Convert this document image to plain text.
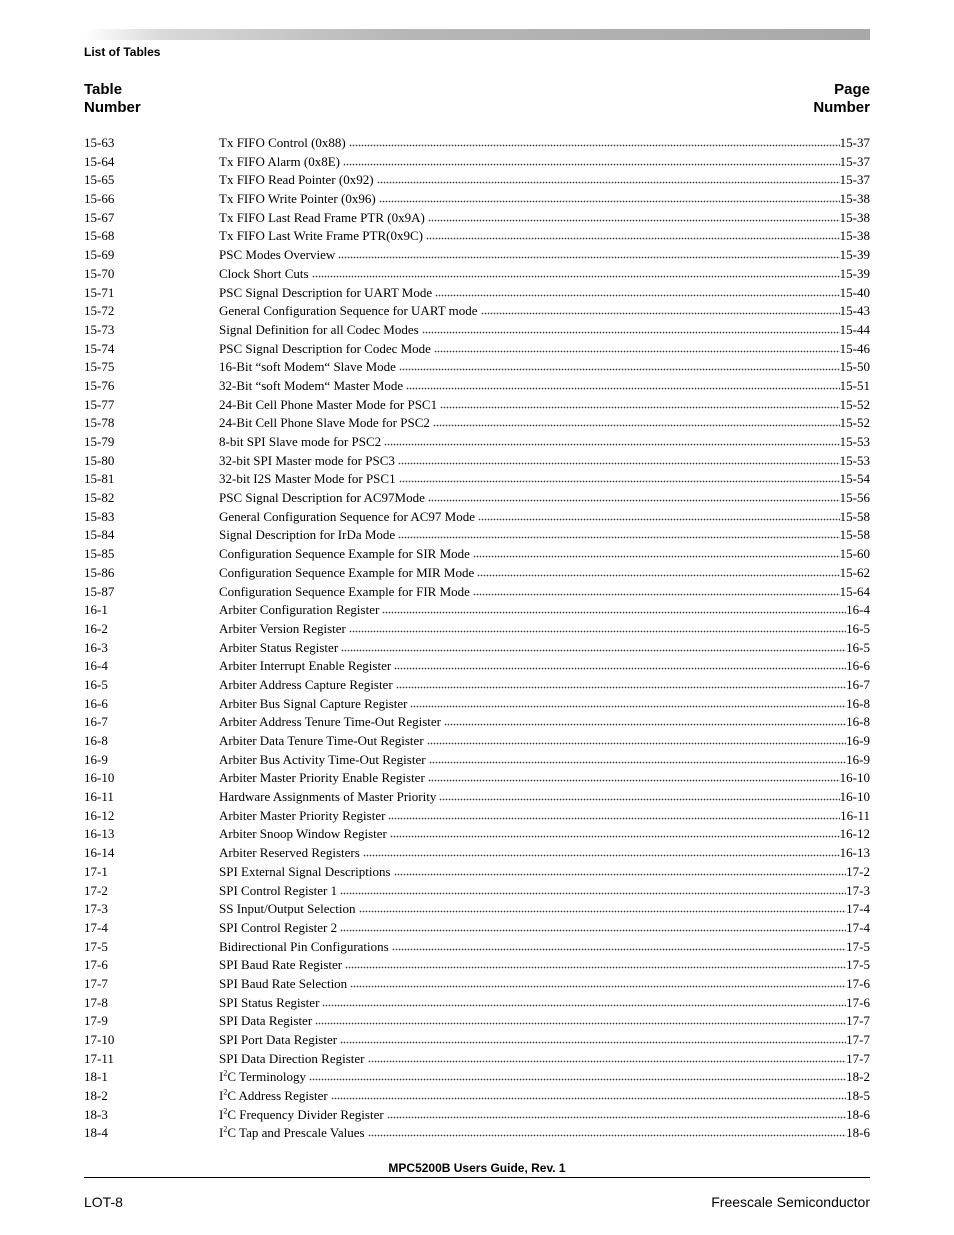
List of Tables
Table
Number
Page
Number
15-63	Tx FIFO Control (0x88)	15-37
15-64	Tx FIFO Alarm (0x8E)	15-37
15-65	Tx FIFO Read Pointer (0x92)	15-37
15-66	Tx FIFO Write Pointer (0x96)	15-38
15-67	Tx FIFO Last Read Frame PTR (0x9A)	15-38
15-68	Tx FIFO Last Write Frame PTR(0x9C)	15-38
15-69	PSC Modes Overview	15-39
15-70	Clock Short Cuts	15-39
15-71	PSC Signal Description for UART Mode	15-40
15-72	General Configuration Sequence for UART mode	15-43
15-73	Signal Definition for all Codec Modes	15-44
15-74	PSC Signal Description for Codec Mode	15-46
15-75	16-Bit “soft Modem“ Slave Mode	15-50
15-76	32-Bit “soft Modem“ Master Mode	15-51
15-77	24-Bit Cell Phone Master Mode for PSC1	15-52
15-78	24-Bit Cell Phone Slave Mode for PSC2	15-52
15-79	8-bit SPI Slave mode for PSC2	15-53
15-80	32-bit SPI Master mode for PSC3	15-53
15-81	32-bit I2S Master Mode for PSC1	15-54
15-82	PSC Signal Description for AC97Mode	15-56
15-83	General Configuration Sequence for AC97 Mode	15-58
15-84	Signal Description for IrDa Mode	15-58
15-85	Configuration Sequence Example for SIR Mode	15-60
15-86	Configuration Sequence Example for MIR Mode	15-62
15-87	Configuration Sequence Example for FIR Mode	15-64
16-1	Arbiter Configuration Register	16-4
16-2	Arbiter Version Register	16-5
16-3	Arbiter Status Register	16-5
16-4	Arbiter Interrupt Enable Register	16-6
16-5	Arbiter Address Capture Register	16-7
16-6	Arbiter Bus Signal Capture Register	16-8
16-7	Arbiter Address Tenure Time-Out Register	16-8
16-8	Arbiter Data Tenure Time-Out Register	16-9
16-9	Arbiter Bus Activity Time-Out Register	16-9
16-10	Arbiter Master Priority Enable Register	16-10
16-11	Hardware Assignments of Master Priority	16-10
16-12	Arbiter Master Priority Register	16-11
16-13	Arbiter Snoop Window Register	16-12
16-14	Arbiter Reserved Registers	16-13
17-1	SPI External Signal Descriptions	17-2
17-2	SPI Control Register 1	17-3
17-3	SS Input/Output Selection	17-4
17-4	SPI Control Register 2	17-4
17-5	Bidirectional Pin Configurations	17-5
17-6	SPI Baud Rate Register	17-5
17-7	SPI Baud Rate Selection	17-6
17-8	SPI Status Register	17-6
17-9	SPI Data Register	17-7
17-10	SPI Port Data Register	17-7
17-11	SPI Data Direction Register	17-7
18-1	$I^2C$ Terminology	18-2
18-2	$I^2C$ Address Register	18-5
18-3	$I^2C$ Frequency Divider Register	18-6
18-4	$I^2C$ Tap and Prescale Values	18-6
MPC5200B Users Guide, Rev. 1
LOT-8	Freescale Semiconductor
